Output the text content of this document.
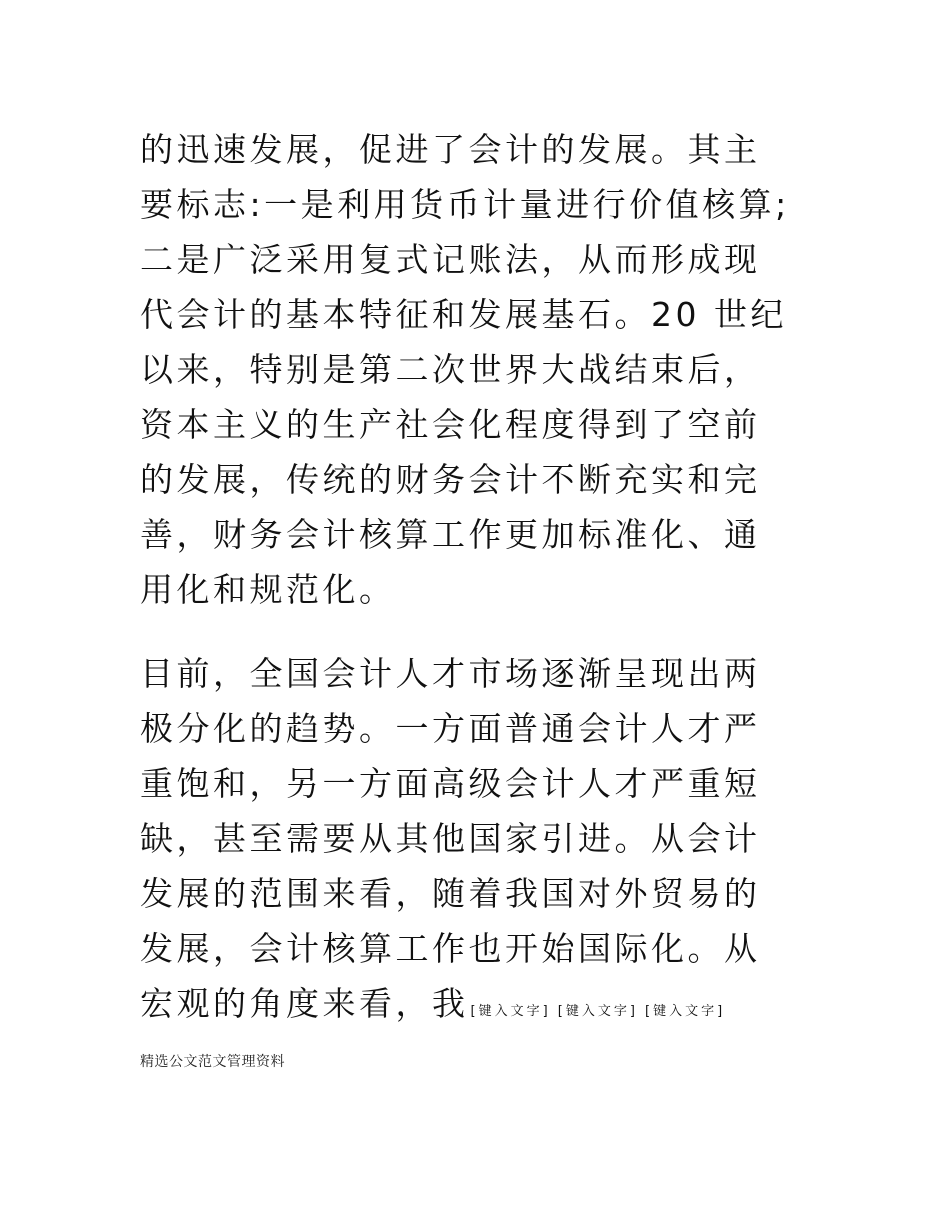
的迅速发展，促进了会计的发展。其主
要标志:一是利用货币计量进行价值核算;
二是广泛采用复式记账法，从而形成现
代会计的基本特征和发展基石。20 世纪
以来，特别是第二次世界大战结束后，
资本主义的生产社会化程度得到了空前
的发展，传统的财务会计不断充实和完
善，财务会计核算工作更加标准化、通
用化和规范化。
目前，全国会计人才市场逐渐呈现出两
极分化的趋势。一方面普通会计人才严
重饱和，另一方面高级会计人才严重短
缺，甚至需要从其他国家引进。从会计
发展的范围来看，随着我国对外贸易的
发展，会计核算工作也开始国际化。从
宏观的角度来看，我 [键入文字] [键入文字] [键入文字]
精选公文范文管理资料
